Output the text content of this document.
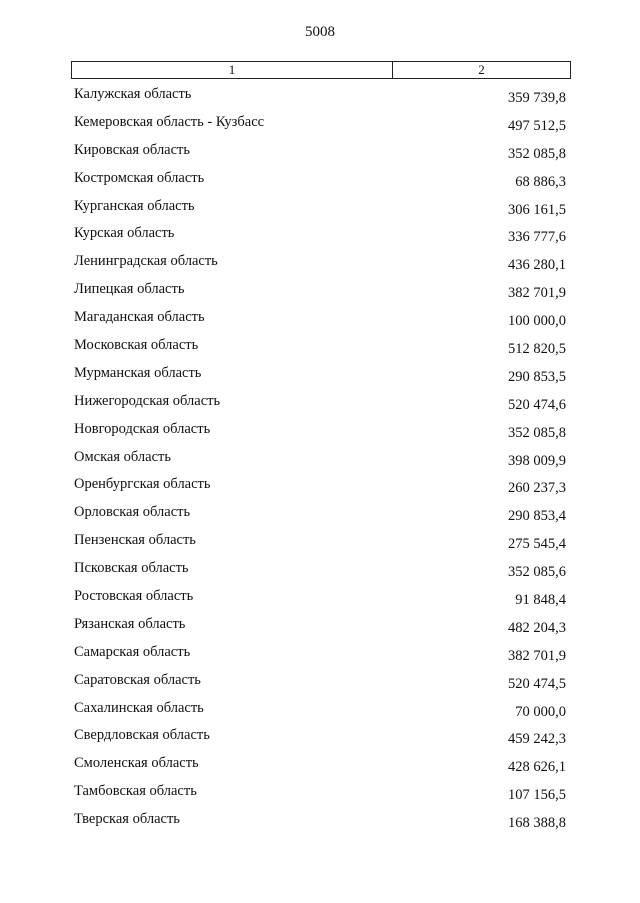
5008
1	2
Калужская область	359 739,8
Кемеровская область - Кузбасс	497 512,5
Кировская область	352 085,8
Костромская область	68 886,3
Курганская область	306 161,5
Курская область	336 777,6
Ленинградская область	436 280,1
Липецкая область	382 701,9
Магаданская область	100 000,0
Московская область	512 820,5
Мурманская область	290 853,5
Нижегородская область	520 474,6
Новгородская область	352 085,8
Омская область	398 009,9
Оренбургская область	260 237,3
Орловская область	290 853,4
Пензенская область	275 545,4
Псковская область	352 085,6
Ростовская область	91 848,4
Рязанская область	482 204,3
Самарская область	382 701,9
Саратовская область	520 474,5
Сахалинская область	70 000,0
Свердловская область	459 242,3
Смоленская область	428 626,1
Тамбовская область	107 156,5
Тверская область	168 388,8
